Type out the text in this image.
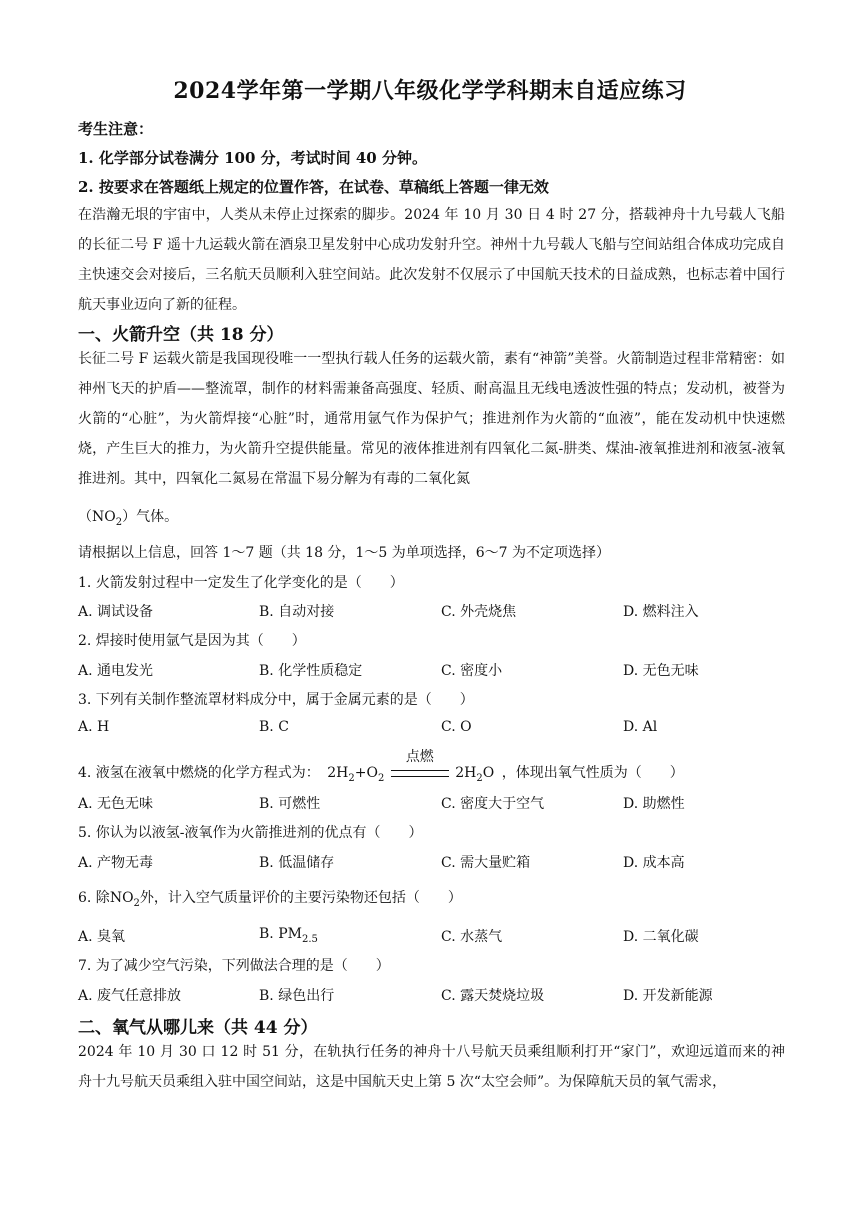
2024学年第一学期八年级化学学科期末自适应练习
考生注意：
1. 化学部分试卷满分 100 分，考试时间 40 分钟。
2. 按要求在答题纸上规定的位置作答，在试卷、草稿纸上答题一律无效
在浩瀚无垠的宇宙中，人类从未停止过探索的脚步。2024 年 10 月 30 日 4 时 27 分，搭载神舟十九号载人飞船的长征二号 F 遥十九运载火箭在酒泉卫星发射中心成功发射升空。神州十九号载人飞船与空间站组合体成功完成自主快速交会对接后，三名航天员顺利入驻空间站。此次发射不仅展示了中国航天技术的日益成熟，也标志着中国行航天事业迈向了新的征程。
一、火箭升空（共 18 分）
长征二号 F 运载火箭是我国现役唯一一型执行载人任务的运载火箭，素有“神箭”美誉。火箭制造过程非常精密：如神州飞天的护盾——整流罩，制作的材料需兼备高强度、轻质、耐高温且无线电透波性强的特点；发动机，被誉为火箭的“心脏”，为火箭焊接“心脏”时，通常用氩气作为保护气；推进剂作为火箭的“血液”，能在发动机中快速燃烧，产生巨大的推力，为火箭升空提供能量。常见的液体推进剂有四氧化二氮-肼类、煤油-液氧推进剂和液氢-液氧推进剂。其中，四氧化二氮易在常温下易分解为有毒的二氧化氮
$(NO_2)$气体。
请根据以上信息，回答 1～7 题（共 18 分，1～5 为单项选择，6～7 为不定项选择）
1. 火箭发射过程中一定发生了化学变化的是（　　）
A. 调试设备	B. 自动对接	C. 外壳烧焦	D. 燃料注入
2. 焊接时使用氩气是因为其（　　）
A. 通电发光	B. 化学性质稳定	C. 密度小	D. 无色无味
3. 下列有关制作整流罩材料成分中，属于金属元素的是（　　）
A. H	B. C	C. O	D. Al
4. 液氢在液氧中燃烧的化学方程式为： $2H_2+O_2$
点燃
$2H_2O$ ，体现出氧气性质为（　　）
A. 无色无味	B. 可燃性	C. 密度大于空气	D. 助燃性
5. 你认为以液氢-液氧作为火箭推进剂的优点有（　　）
A. 产物无毒	B. 低温储存	C. 需大量贮箱	D. 成本高
6. 除$NO_2$外，计入空气质量评价的主要污染物还包括（　　）
A. 臭氧	B. $PM_{2.5}$	C. 水蒸气	D. 二氧化碳
7. 为了减少空气污染，下列做法合理的是（　　）
A. 废气任意排放	B. 绿色出行	C. 露天焚烧垃圾	D. 开发新能源
二、氧气从哪儿来（共 44 分）
2024 年 10 月 30 口 12 时 51 分，在轨执行任务的神舟十八号航天员乘组顺利打开“家门”，欢迎远道而来的神舟十九号航天员乘组入驻中国空间站，这是中国航天史上第 5 次“太空会师”。为保障航天员的氧气需求，
